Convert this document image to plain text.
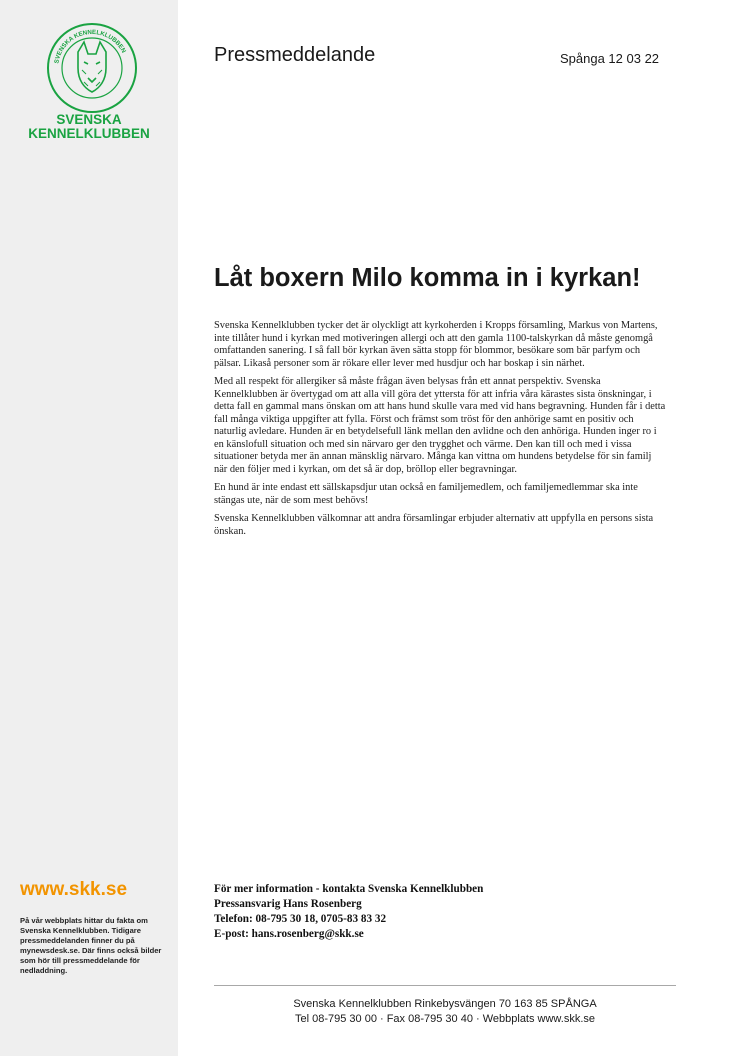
SVENSKA KENNELKLUBBEN
SVENSKA
KENNELKLUBBEN
www.skk.se
På vår webbplats hittar du fakta om Svenska Kennelklubben. Tidigare pressmeddelanden finner du på mynewsdesk.se. Där finns också bilder som hör till pressmeddelande för nedladdning.
Pressmeddelande	Spånga 12 03 22
Låt boxern Milo komma in i kyrkan!

Svenska Kennelklubben tycker det är olyckligt att kyrkoherden i Kropps församling, Markus von Martens, inte tillåter hund i kyrkan med motiveringen allergi och att den gamla 1100-talskyrkan då måste genomgå omfattanden sanering. I så fall bör kyrkan även sätta stopp för blommor, besökare som bär parfym och pälsar. Likaså personer som är rökare eller lever med husdjur och har boskap i sin närhet.

Med all respekt för allergiker så måste frågan även belysas från ett annat perspektiv. Svenska Kennelklubben är övertygad om att alla vill göra det yttersta för att infria våra kärastes sista önskningar, i detta fall en gammal mans önskan om att hans hund skulle vara med vid hans begravning. Hunden får i detta fall många viktiga uppgifter att fylla. Först och främst som tröst för den anhörige samt en positiv och naturlig avledare. Hunden är en betydelsefull länk mellan den avlidne och den anhöriga. Hunden inger ro i en känslofull situation och med sin närvaro ger den trygghet och värme. Den kan till och med i vissa situationer betyda mer än annan mänsklig närvaro. Många kan vittna om hundens betydelse för sin familj när den följer med i kyrkan, om det så är dop, bröllop eller begravningar.

En hund är inte endast ett sällskapsdjur utan också en familjemedlem, och familjemedlemmar ska inte stängas ute, när de som mest behövs!

Svenska Kennelklubben välkomnar att andra församlingar erbjuder alternativ att uppfylla en persons sista önskan.

För mer information - kontakta Svenska Kennelklubben
Pressansvarig Hans Rosenberg
Telefon: 08-795 30 18, 0705-83 83 32
E-post: hans.rosenberg@skk.se
Svenska Kennelklubben Rinkebysvängen 70 163 85 SPÅNGA
Tel 08-795 30 00 · Fax 08-795 30 40 · Webbplats www.skk.se
